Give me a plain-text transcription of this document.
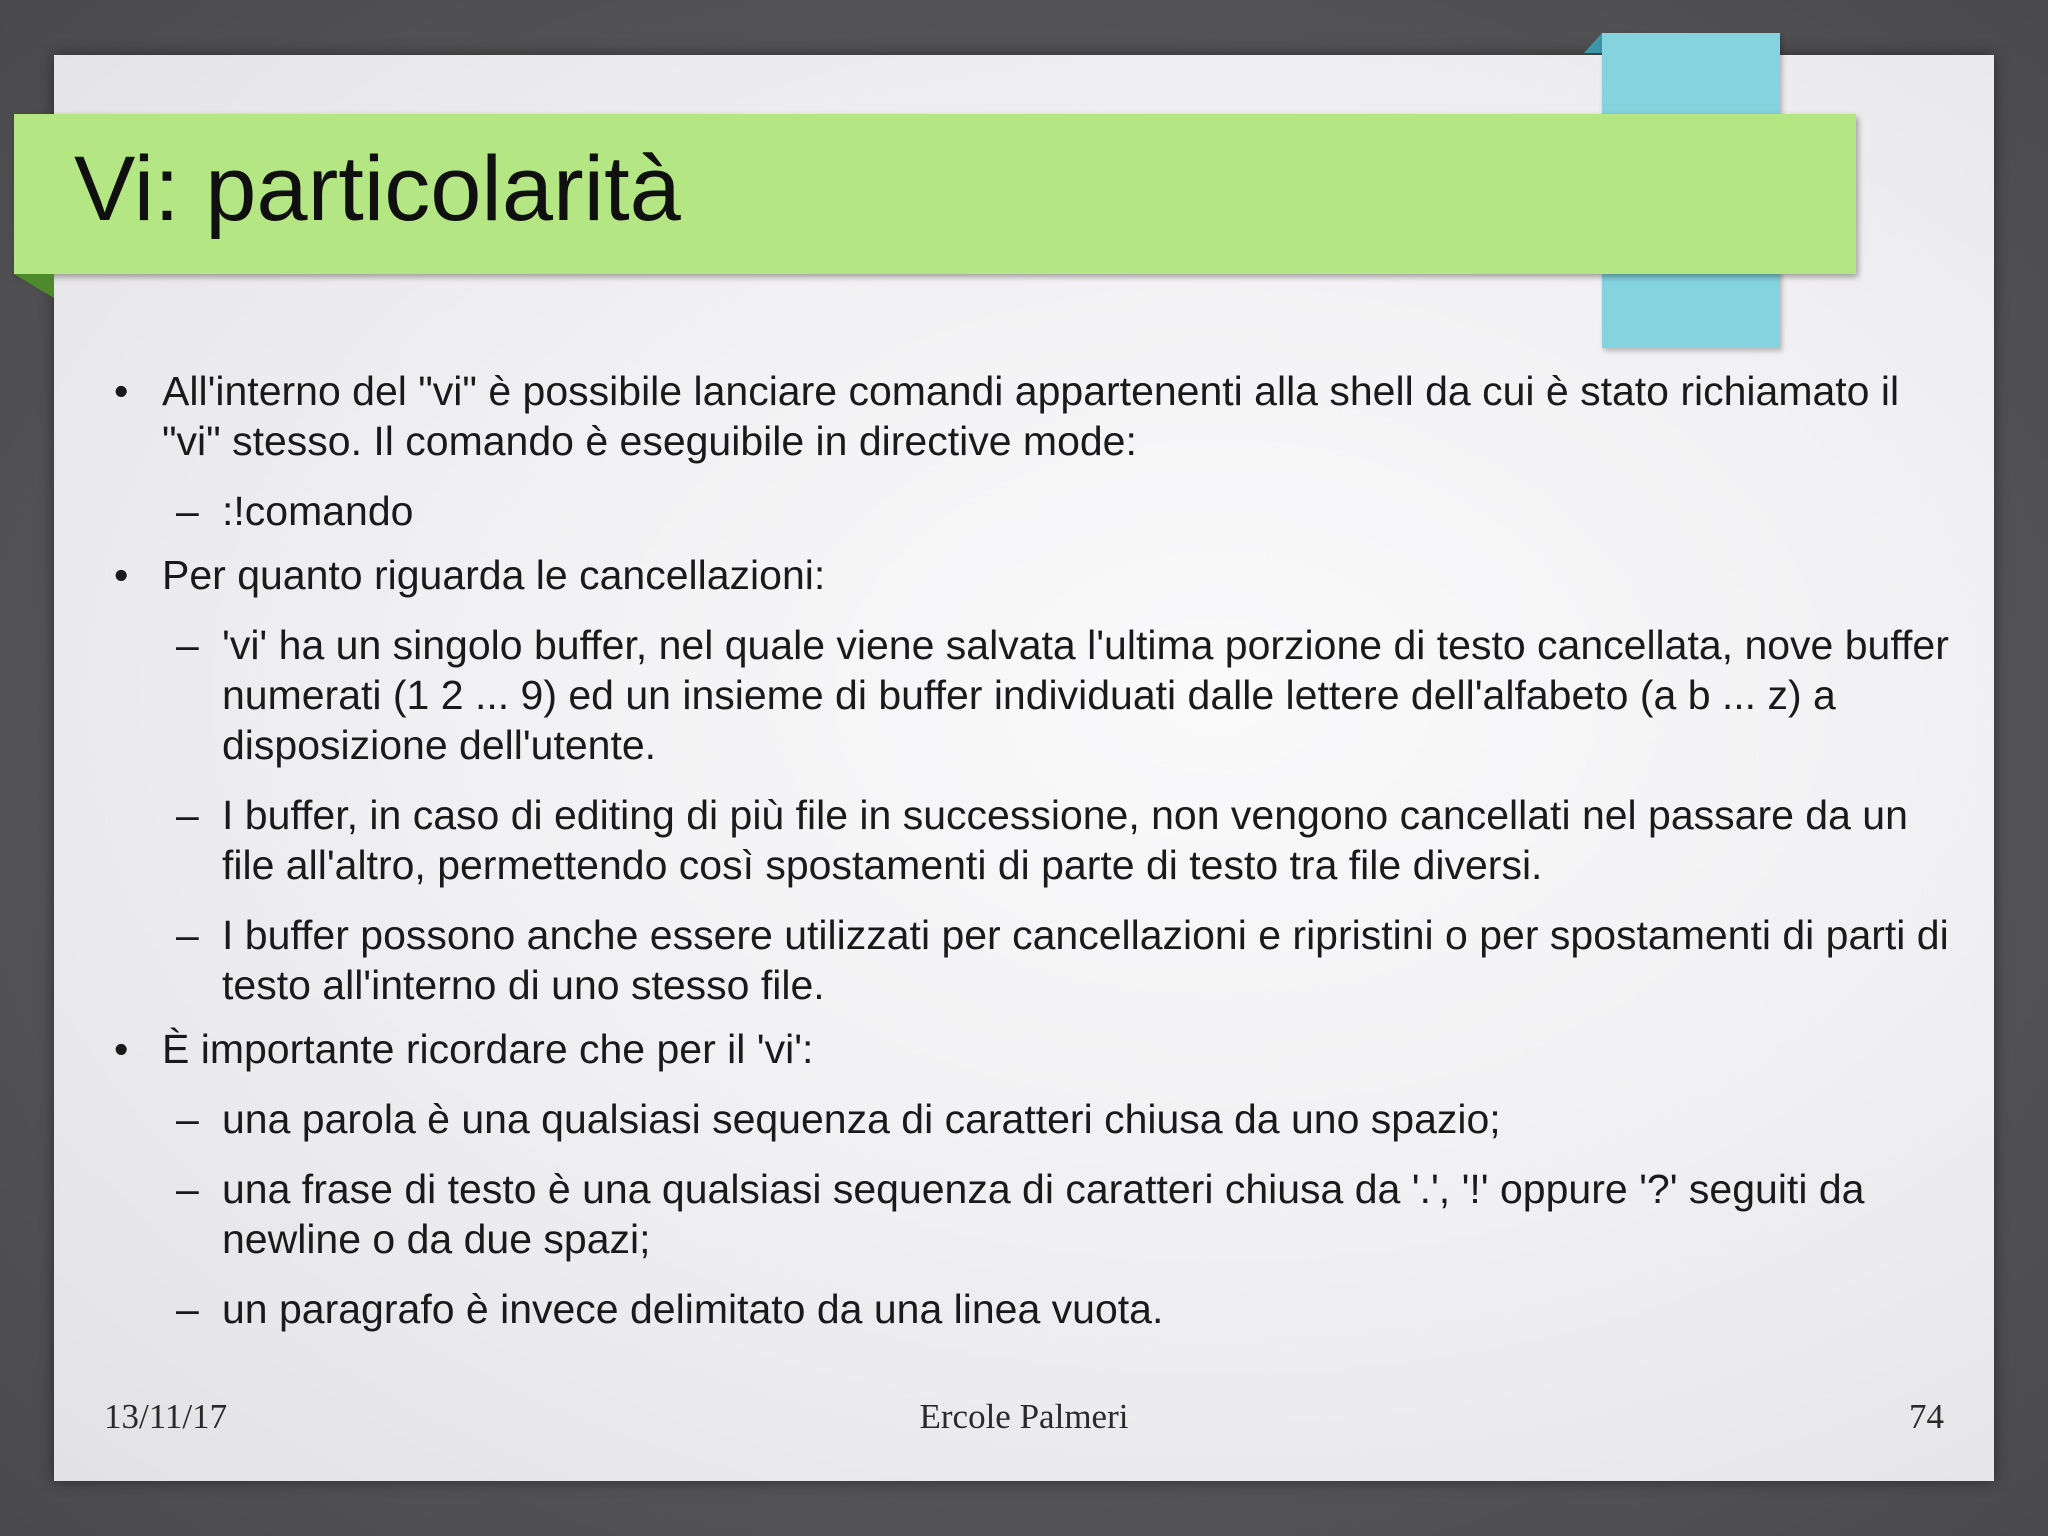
Vi: particolarità

• All'interno del "vi" è possibile lanciare comandi appartenenti alla shell da cui è stato richiamato il "vi" stesso. Il comando è eseguibile in directive mode:

– :!comando

• Per quanto riguarda le cancellazioni:

– 'vi' ha un singolo buffer, nel quale viene salvata l'ultima porzione di testo cancellata, nove buffer numerati (1 2 ... 9) ed un insieme di buffer individuati dalle lettere dell'alfabeto (a b ... z) a disposizione dell'utente.

– I buffer, in caso di editing di più file in successione, non vengono cancellati nel passare da un file all'altro, permettendo così spostamenti di parte di testo tra file diversi.

– I buffer possono anche essere utilizzati per cancellazioni e ripristini o per spostamenti di parti di testo all'interno di uno stesso file.

• È importante ricordare che per il 'vi':

– una parola è una qualsiasi sequenza di caratteri chiusa da uno spazio;

– una frase di testo è una qualsiasi sequenza di caratteri chiusa da '.', '!' oppure '?' seguiti da newline o da due spazi;

– un paragrafo è invece delimitato da una linea vuota.

13/11/17	Ercole Palmeri	74
